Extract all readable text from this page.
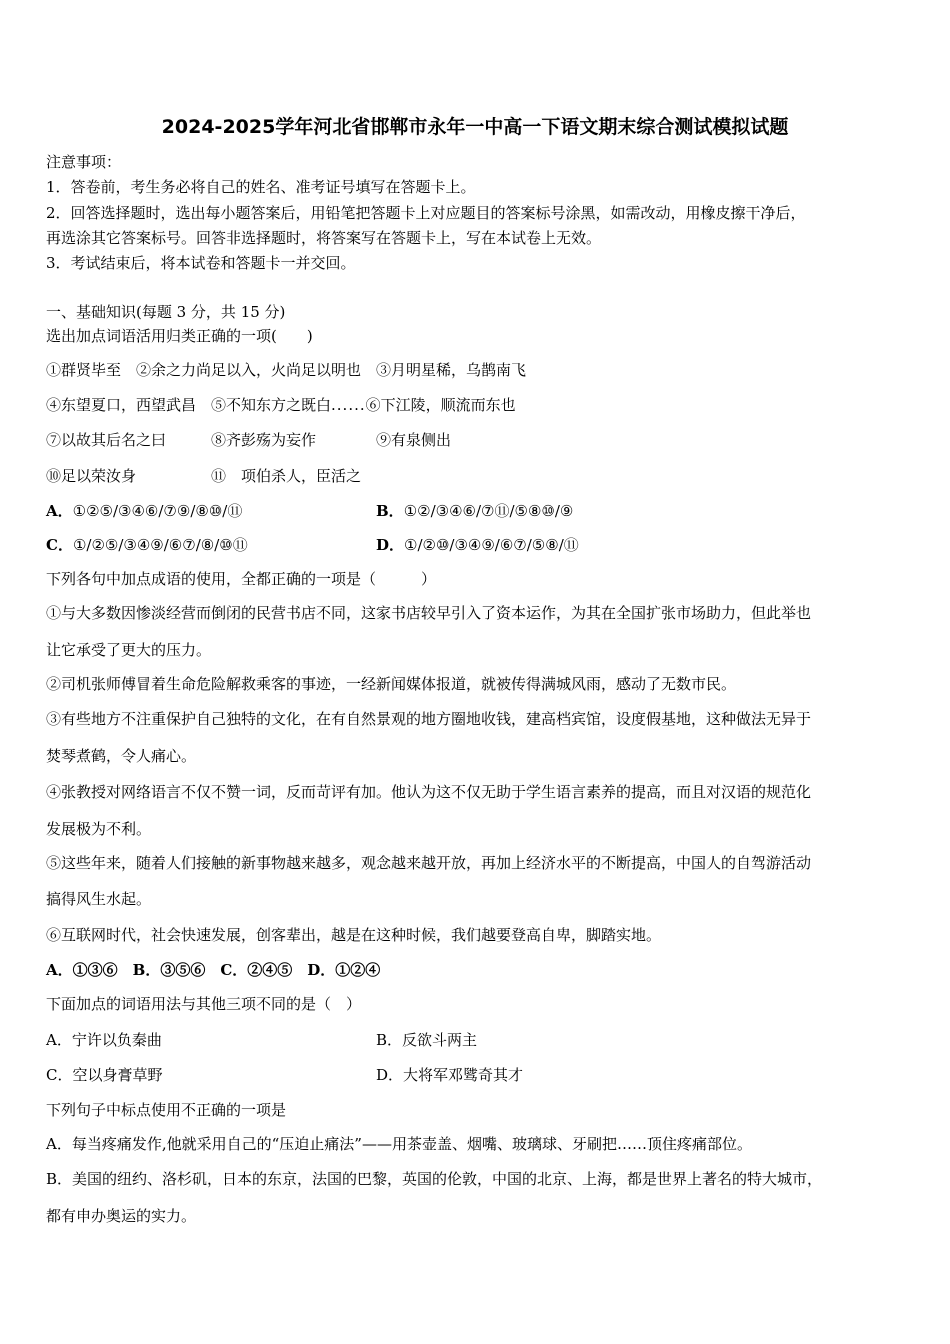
2024-2025学年河北省邯郸市永年一中高一下语文期末综合测试模拟试题
注意事项：
1．答卷前，考生务必将自己的姓名、准考证号填写在答题卡上。
2．回答选择题时，选出每小题答案后，用铅笔把答题卡上对应题目的答案标号涂黑，如需改动，用橡皮擦干净后，
再选涂其它答案标号。回答非选择题时，将答案写在答题卡上，写在本试卷上无效。
3．考试结束后，将本试卷和答题卡一并交回。
一、基础知识(每题 3 分，共 15 分)
选出加点词语活用归类正确的一项(　　)
①群贤毕至　②余之力尚足以入，火尚足以明也　③月明星稀，乌鹊南飞
④东望夏口，西望武昌　⑤不知东方之既白......⑥下江陵，顺流而东也
⑦以故其后名之曰　　　⑧齐彭殇为妄作　　　　⑨有泉侧出
⑩足以荣汝身　　　　　⑪　项伯杀人，臣活之
A．①②⑤/③④⑥/⑦⑨/⑧⑩/⑪	B．①②/③④⑥/⑦⑪/⑤⑧⑩/⑨
C．①/②⑤/③④⑨/⑥⑦/⑧/⑩⑪	D．①/②⑩/③④⑨/⑥⑦/⑤⑧/⑪
下列各句中加点成语的使用，全都正确的一项是（　　　）
①与大多数因惨淡经营而倒闭的民营书店不同，这家书店较早引入了资本运作，为其在全国扩张市场助力，但此举也
让它承受了更大的压力。
②司机张师傅冒着生命危险解救乘客的事迹，一经新闻媒体报道，就被传得满城风雨，感动了无数市民。
③有些地方不注重保护自己独特的文化，在有自然景观的地方圈地收钱，建高档宾馆，设度假基地，这种做法无异于
焚琴煮鹤，令人痛心。
④张教授对网络语言不仅不赞一词，反而苛评有加。他认为这不仅无助于学生语言素养的提高，而且对汉语的规范化
发展极为不利。
⑤这些年来，随着人们接触的新事物越来越多，观念越来越开放，再加上经济水平的不断提高，中国人的自驾游活动
搞得风生水起。
⑥互联网时代，社会快速发展，创客辈出，越是在这种时候，我们越要登高自卑，脚踏实地。
A．①③⑥　B．③⑤⑥　C．②④⑤　D．①②④
下面加点的词语用法与其他三项不同的是（　）
A．宁许以负秦曲	B．反欲斗两主
C．空以身膏草野	D．大将军邓骘奇其才
下列句子中标点使用不正确的一项是
A．每当疼痛发作,他就采用自己的“压迫止痛法”——用茶壶盖、烟嘴、玻璃球、牙刷把……顶住疼痛部位。
B．美国的纽约、洛杉矶，日本的东京，法国的巴黎，英国的伦敦，中国的北京、上海，都是世界上著名的特大城市，
都有申办奥运的实力。
